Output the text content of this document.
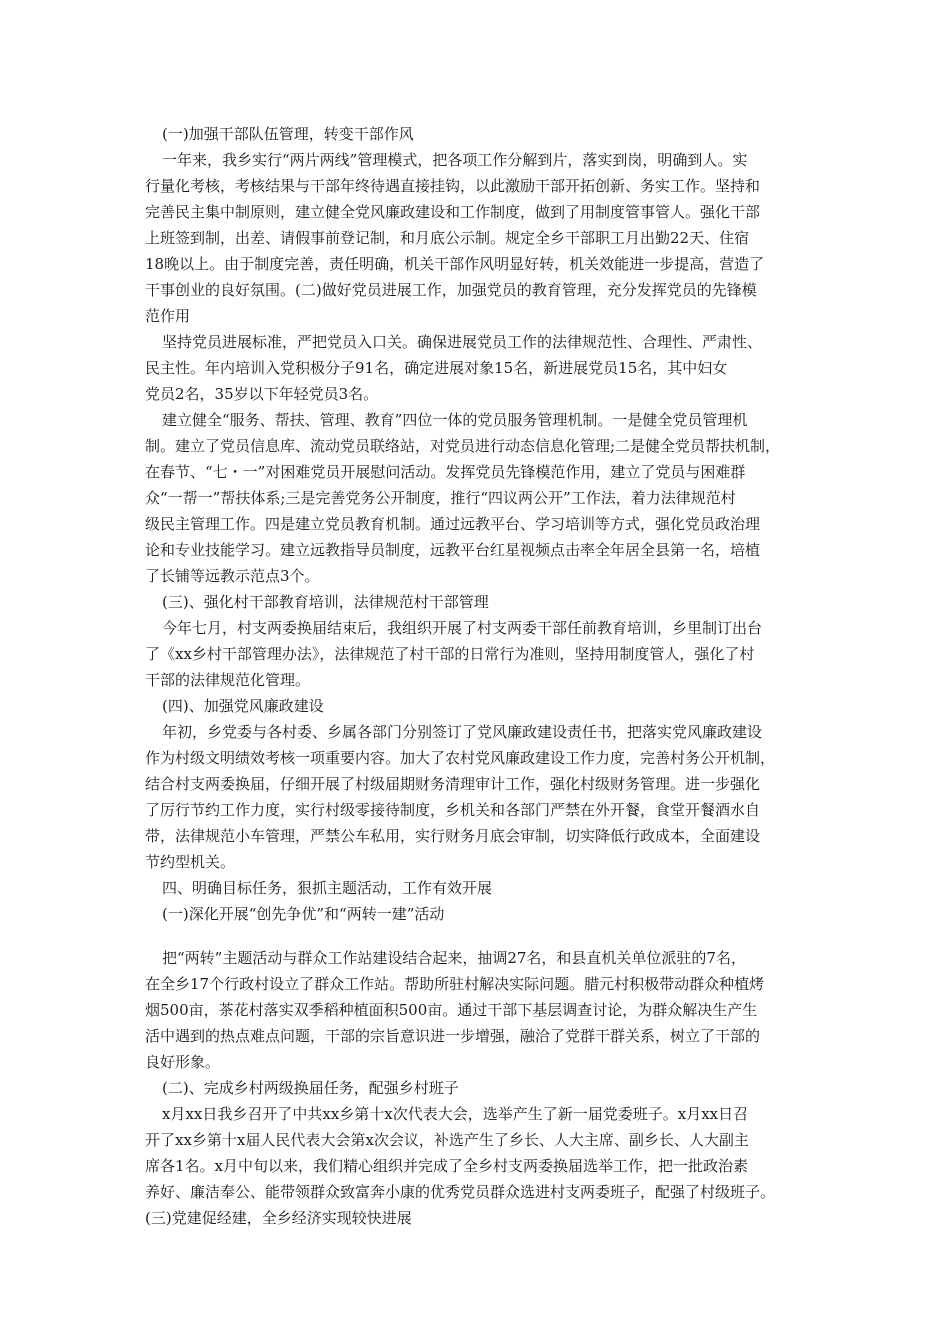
(一)加强干部队伍管理，转变干部作风
一年来，我乡实行“两片两线”管理模式，把各项工作分解到片，落实到岗，明确到人。实
行量化考核，考核结果与干部年终待遇直接挂钩，以此激励干部开拓创新、务实工作。坚持和
完善民主集中制原则，建立健全党风廉政建设和工作制度，做到了用制度管事管人。强化干部
上班签到制，出差、请假事前登记制，和月底公示制。规定全乡干部职工月出勤22天、住宿
18晚以上。由于制度完善，责任明确，机关干部作风明显好转，机关效能进一步提高，营造了
干事创业的良好氛围。(二)做好党员进展工作，加强党员的教育管理，充分发挥党员的先锋模
范作用
坚持党员进展标准，严把党员入口关。确保进展党员工作的法律规范性、合理性、严肃性、
民主性。年内培训入党积极分子91名，确定进展对象15名，新进展党员15名，其中妇女
党员2名，35岁以下年轻党员3名。
建立健全“服务、帮扶、管理、教育”四位一体的党员服务管理机制。一是健全党员管理机
制。建立了党员信息库、流动党员联络站，对党员进行动态信息化管理;二是健全党员帮扶机制，
在春节、“七・一”对困难党员开展慰问活动。发挥党员先锋模范作用，建立了党员与困难群
众“一帮一”帮扶体系;三是完善党务公开制度，推行“四议两公开”工作法，着力法律规范村
级民主管理工作。四是建立党员教育机制。通过远教平台、学习培训等方式，强化党员政治理
论和专业技能学习。建立远教指导员制度，远教平台红星视频点击率全年居全县第一名，培植
了长铺等远教示范点3个。
(三)、强化村干部教育培训，法律规范村干部管理
今年七月，村支两委换届结束后，我组织开展了村支两委干部任前教育培训，乡里制订出台
了《xx乡村干部管理办法》，法律规范了村干部的日常行为准则，坚持用制度管人，强化了村
干部的法律规范化管理。
(四)、加强党风廉政建设
年初，乡党委与各村委、乡属各部门分别签订了党风廉政建设责任书，把落实党风廉政建设
作为村级文明绩效考核一项重要内容。加大了农村党风廉政建设工作力度，完善村务公开机制，
结合村支两委换届，仔细开展了村级届期财务清理审计工作，强化村级财务管理。进一步强化
了厉行节约工作力度，实行村级零接待制度，乡机关和各部门严禁在外开餐，食堂开餐酒水自
带，法律规范小车管理，严禁公车私用，实行财务月底会审制，切实降低行政成本，全面建设
节约型机关。
四、明确目标任务，狠抓主题活动，工作有效开展
(一)深化开展“创先争优”和“两转一建”活动
把“两转”主题活动与群众工作站建设结合起来，抽调27名，和县直机关单位派驻的7名，
在全乡17个行政村设立了群众工作站。帮助所驻村解决实际问题。腊元村积极带动群众种植烤
烟500亩，茶花村落实双季稻种植面积500亩。通过干部下基层调查讨论，为群众解决生产生
活中遇到的热点难点问题，干部的宗旨意识进一步增强，融洽了党群干群关系，树立了干部的
良好形象。
(二)、完成乡村两级换届任务，配强乡村班子
x月xx日我乡召开了中共xx乡第十x次代表大会，选举产生了新一届党委班子。x月xx日召
开了xx乡第十x届人民代表大会第x次会议，补选产生了乡长、人大主席、副乡长、人大副主
席各1名。x月中旬以来，我们精心组织并完成了全乡村支两委换届选举工作，把一批政治素
养好、廉洁奉公、能带领群众致富奔小康的优秀党员群众选进村支两委班子，配强了村级班子。
(三)党建促经建，全乡经济实现较快进展
